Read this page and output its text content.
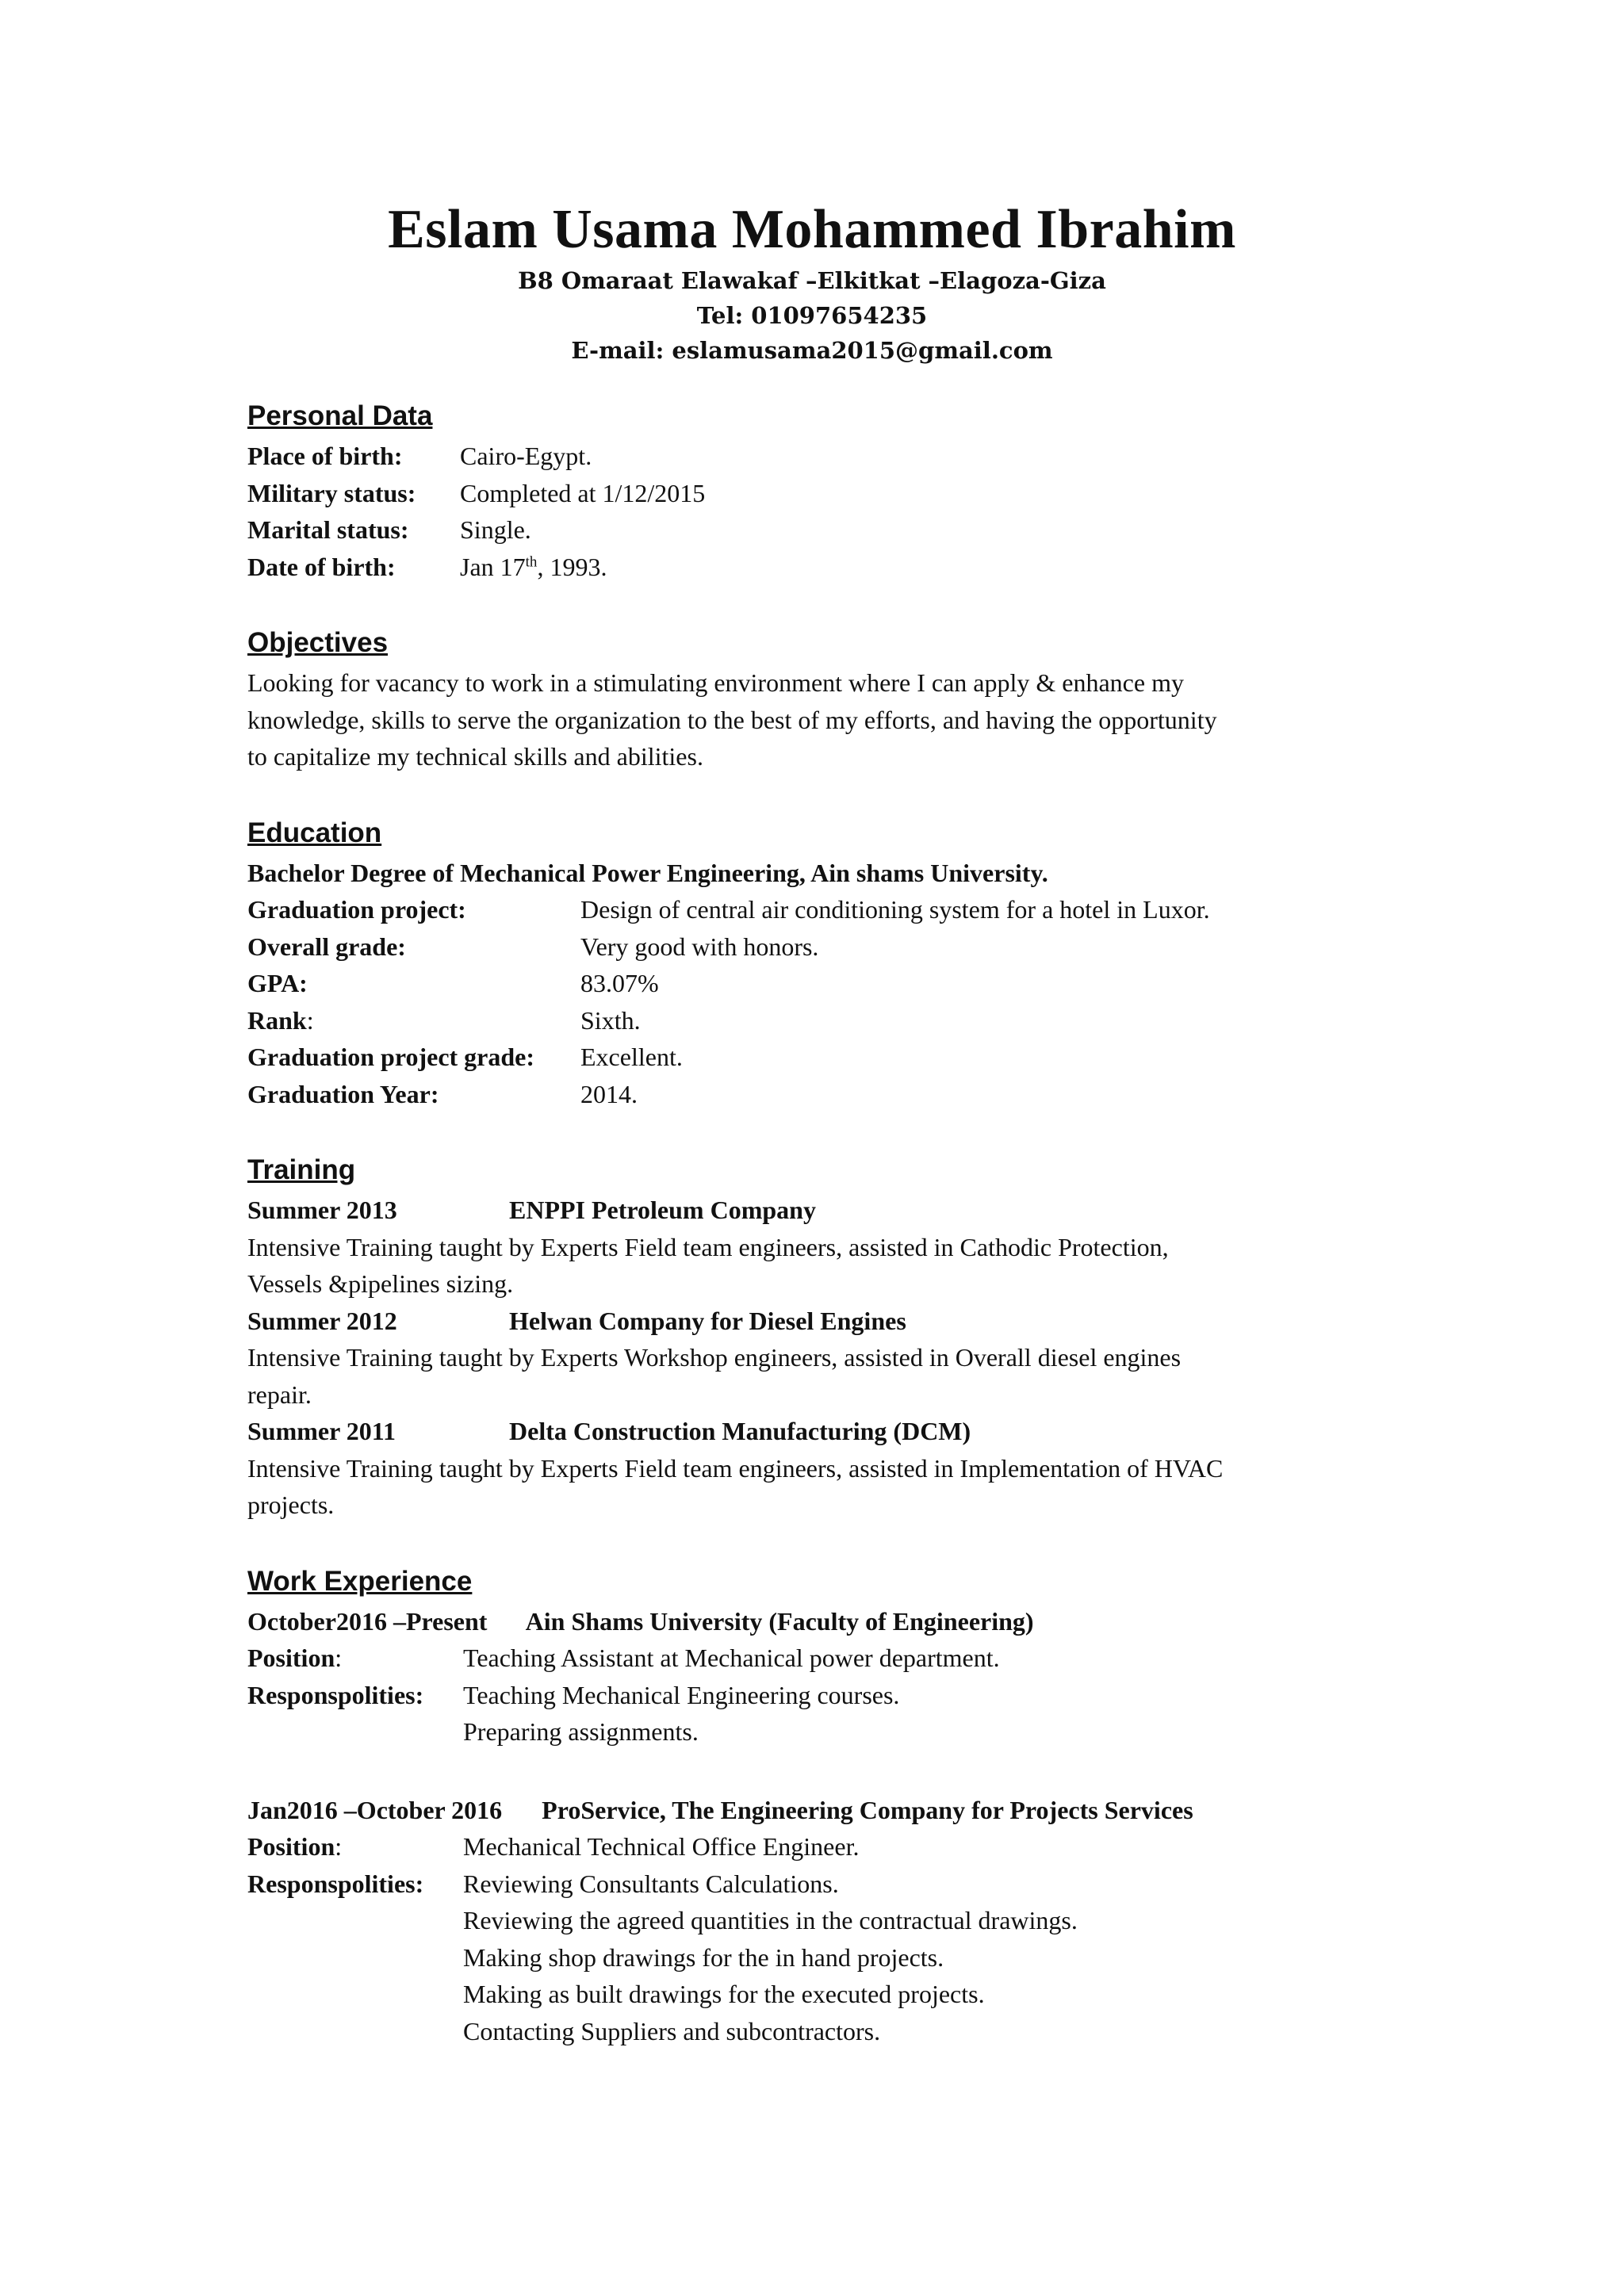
Eslam Usama Mohammed Ibrahim

B8 Omaraat Elawakaf –Elkitkat –Elagoza-Giza

Tel: 01097654235

E-mail: eslamusama2015@gmail.com

Personal Data
Place of birth: Cairo-Egypt.
Military status: Completed at 1/12/2015
Marital status: Single.
Date of birth:	Jan 17th, 1993.
Objectives

Looking for vacancy to work in a stimulating environment where I can apply & enhance my

knowledge, skills to serve the organization to the best of my efforts, and having the opportunity

to capitalize my technical skills and abilities.

Education
Bachelor Degree of Mechanical Power Engineering, Ain shams University.
Graduation project:	Design of central air conditioning system for a hotel in Luxor.
Overall grade:	Very good with honors.
GPA:	83.07%
Rank:	Sixth.
Graduation project grade: Excellent.
Graduation Year:	2014.
Training
Summer 2013	ENPPI Petroleum Company

Intensive Training taught by Experts Field team engineers, assisted in Cathodic Protection,

Vessels &pipelines sizing.

Summer 2012	Helwan Company for Diesel Engines

Intensive Training taught by Experts Workshop engineers, assisted in Overall diesel engines

repair.

Summer 2011	Delta Construction Manufacturing (DCM)

Intensive Training taught by Experts Field team engineers, assisted in Implementation of HVAC

projects.

Work Experience
October2016 –Present Ain Shams University (Faculty of Engineering)
Position:	Teaching Assistant at Mechanical power department.
Responspolities: Teaching Mechanical Engineering courses.
Preparing assignments.
Jan2016 –October 2016 ProService, The Engineering Company for Projects Services
Position:	Mechanical Technical Office Engineer.
Responspolities: Reviewing Consultants Calculations.
Reviewing the agreed quantities in the contractual drawings.
Making shop drawings for the in hand projects.
Making as built drawings for the executed projects.
Contacting Suppliers and subcontractors.
